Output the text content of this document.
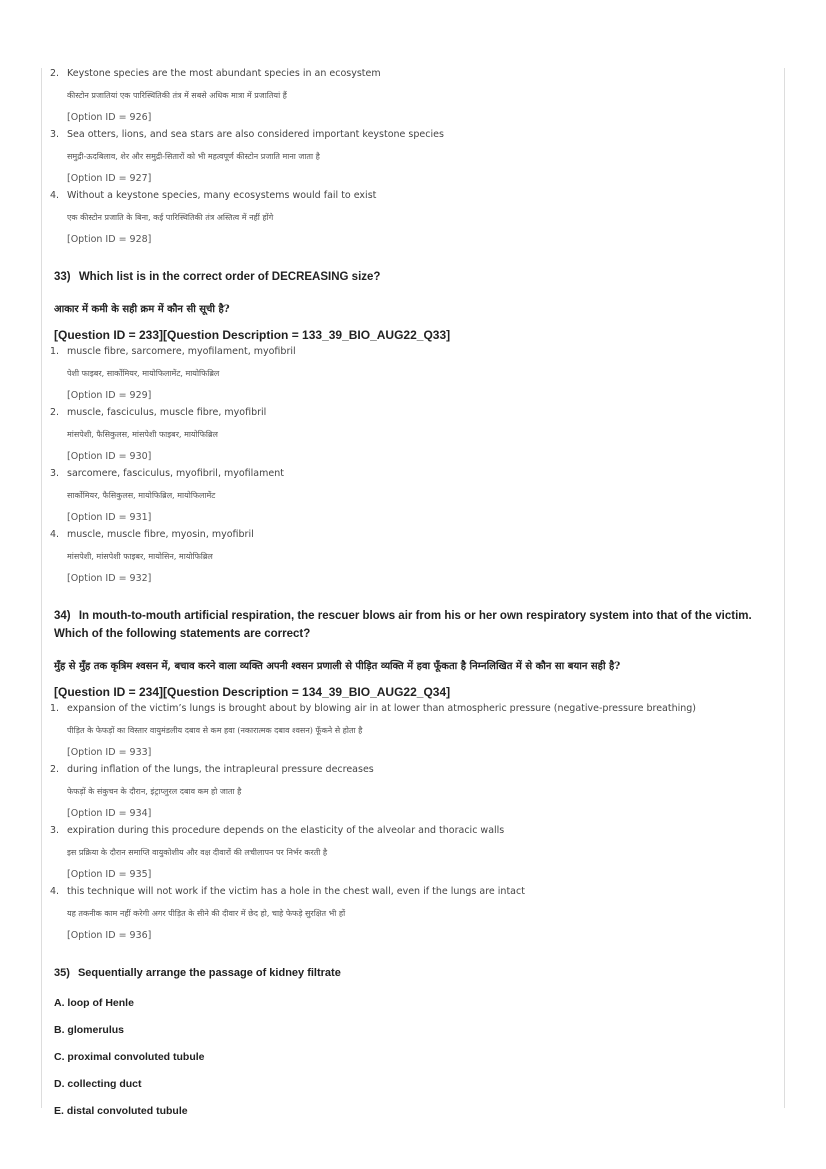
2. Keystone species are the most abundant species in an ecosystem
कीस्टोन प्रजातियां एक पारिस्थितिकी तंत्र में सबसे अधिक मात्रा में प्रजातियां हैं
[Option ID = 926]
3. Sea otters, lions, and sea stars are also considered important keystone species
समुद्री-ऊदबिलाव, शेर और समुद्री-सितारों को भी महत्वपूर्ण कीस्टोन प्रजाति माना जाता है
[Option ID = 927]
4. Without a keystone species, many ecosystems would fail to exist
एक कीस्टोन प्रजाति के बिना, कई पारिस्थितिकी तंत्र अस्तित्व में नहीं होंगे
[Option ID = 928]
33) Which list is in the correct order of DECREASING size?
आकार में कमी के सही क्रम में कौन सी सूची है?
[Question ID = 233][Question Description = 133_39_BIO_AUG22_Q33]
1. muscle fibre, sarcomere, myofilament, myofibril
पेशी फाइबर, सार्कोमियर, मायोफिलामेंट, मायोफिब्रिल
[Option ID = 929]
2. muscle, fasciculus, muscle fibre, myofibril
मांसपेशी, फैसिकुलस, मांसपेशी फाइबर, मायोफिब्रिल
[Option ID = 930]
3. sarcomere, fasciculus, myofibril, myofilament
सार्कोमियर, फैसिकुलस, मायोफिब्रिल, मायोफिलामेंट
[Option ID = 931]
4. muscle, muscle fibre, myosin, myofibril
मांसपेशी, मांसपेशी फाइबर, मायोसिन, मायोफिब्रिल
[Option ID = 932]
34) In mouth-to-mouth artificial respiration, the rescuer blows air from his or her own respiratory system into that of the victim. Which of the following statements are correct?
मुँह से मुँह तक कृत्रिम श्वसन में, बचाव करने वाला व्यक्ति अपनी श्वसन प्रणाली से पीड़ित व्यक्ति में हवा फूँकता है निम्नलिखित में से कौन सा बयान सही है?
[Question ID = 234][Question Description = 134_39_BIO_AUG22_Q34]
1. expansion of the victim’s lungs is brought about by blowing air in at lower than atmospheric pressure (negative-pressure breathing)
पीड़ित के फेफड़ों का विस्तार वायुमंडलीय दबाव से कम हवा (नकारात्मक दबाव श्वसन) फूँकने से होता है
[Option ID = 933]
2. during inflation of the lungs, the intrapleural pressure decreases
फेफड़ों के संकुचन के दौरान, इंट्राप्लुरल दबाव कम हो जाता है
[Option ID = 934]
3. expiration during this procedure depends on the elasticity of the alveolar and thoracic walls
इस प्रक्रिया के दौरान समाप्ति वायुकोशीय और वक्ष दीवारों की लचीलापन पर निर्भर करती है
[Option ID = 935]
4. this technique will not work if the victim has a hole in the chest wall, even if the lungs are intact
यह तकनीक काम नहीं करेगी अगर पीड़ित के सीने की दीवार में छेद हो, चाहे फेफड़े सुरक्षित भी हों
[Option ID = 936]
35) Sequentially arrange the passage of kidney filtrate
A. loop of Henle
B. glomerulus
C. proximal convoluted tubule
D. collecting duct
E. distal convoluted tubule
